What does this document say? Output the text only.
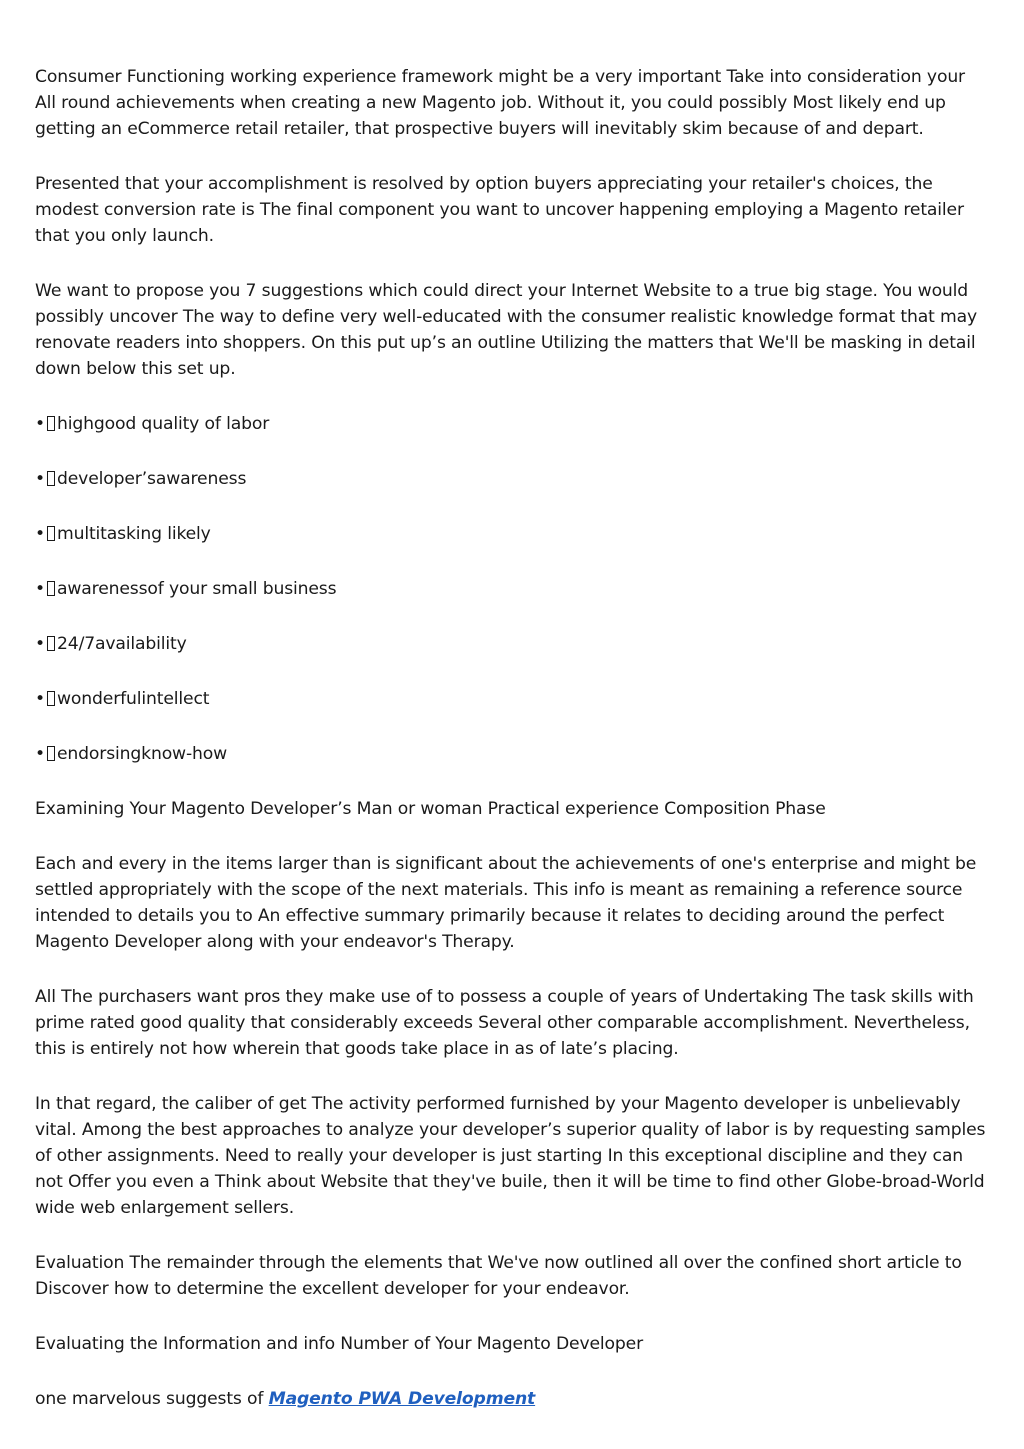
Consumer Functioning working experience framework might be a very important Take into consideration your All round achievements when creating a new Magento job. Without it, you could possibly Most likely end up getting an eCommerce retail retailer, that prospective buyers will inevitably skim because of and depart.

Presented that your accomplishment is resolved by option buyers appreciating your retailer's choices, the modest conversion rate is The final component you want to uncover happening employing a Magento retailer that you only launch.

We want to propose you 7 suggestions which could direct your Internet Website to a true big stage. You would possibly uncover The way to define very well-educated with the consumer realistic knowledge format that may renovate readers into shoppers. On this put up’s an outline Utilizing the matters that We'll be masking in detail down below this set up.

• highgood quality of labor
• developer’sawareness
• multitasking likely
• awarenessof your small business
• 24/7availability
• wonderfulintellect
• endorsingknow-how

Examining Your Magento Developer’s Man or woman Practical experience Composition Phase

Each and every in the items larger than is significant about the achievements of one's enterprise and might be settled appropriately with the scope of the next materials. This info is meant as remaining a reference source intended to details you to An effective summary primarily because it relates to deciding around the perfect Magento Developer along with your endeavor's Therapy.

All The purchasers want pros they make use of to possess a couple of years of Undertaking The task skills with prime rated good quality that considerably exceeds Several other comparable accomplishment. Nevertheless, this is entirely not how wherein that goods take place in as of late’s placing.

In that regard, the caliber of get The activity performed furnished by your Magento developer is unbelievably vital. Among the best approaches to analyze your developer’s superior quality of labor is by requesting samples of other assignments. Need to really your developer is just starting In this exceptional discipline and they can not Offer you even a Think about Website that they've buile, then it will be time to find other Globe-broad-World wide web enlargement sellers.

Evaluation The remainder through the elements that We've now outlined all over the confined short article to Discover how to determine the excellent developer for your endeavor.

Evaluating the Information and info Number of Your Magento Developer

one marvelous suggests of Magento PWA Development
